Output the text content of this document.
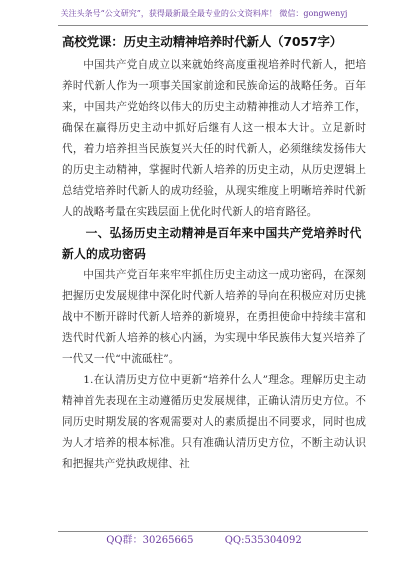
关注头条号“公文研究”，获得最新最全最专业的公文资料库！ 微信：gongwenyj
高校党课：历史主动精神培养时代新人（7057字）

中国共产党自成立以来就始终高度重视培养时代新人，把培养时代新人作为一项事关国家前途和民族命运的战略任务。百年来，中国共产党始终以伟大的历史主动精神推动人才培养工作，确保在赢得历史主动中抓好后继有人这一根本大计。立足新时代，着力培养担当民族复兴大任的时代新人，必须继续发扬伟大的历史主动精神，掌握时代新人培养的历史主动，从历史逻辑上总结党培养时代新人的成功经验，从现实维度上明晰培养时代新人的战略考量在实践层面上优化时代新人的培育路径。

一、弘扬历史主动精神是百年来中国共产党培养时代新人的成功密码

中国共产党百年来牢牢抓住历史主动这一成功密码，在深刻把握历史发展规律中深化时代新人培养的导向在积极应对历史挑战中不断开辟时代新人培养的新境界，在勇担使命中持续丰富和迭代时代新人培养的核心内涵，为实现中华民族伟大复兴培养了一代又一代“中流砥柱”。

1.在认清历史方位中更新“培养什么人”理念。理解历史主动精神首先表现在主动遵循历史发展规律，正确认清历史方位。不同历史时期发展的客观需要对人的素质提出不同要求，同时也成为人才培养的根本标准。只有准确认清历史方位，不断主动认识和把握共产党执政规律、社

QQ群：30265665	QQ:535304092
